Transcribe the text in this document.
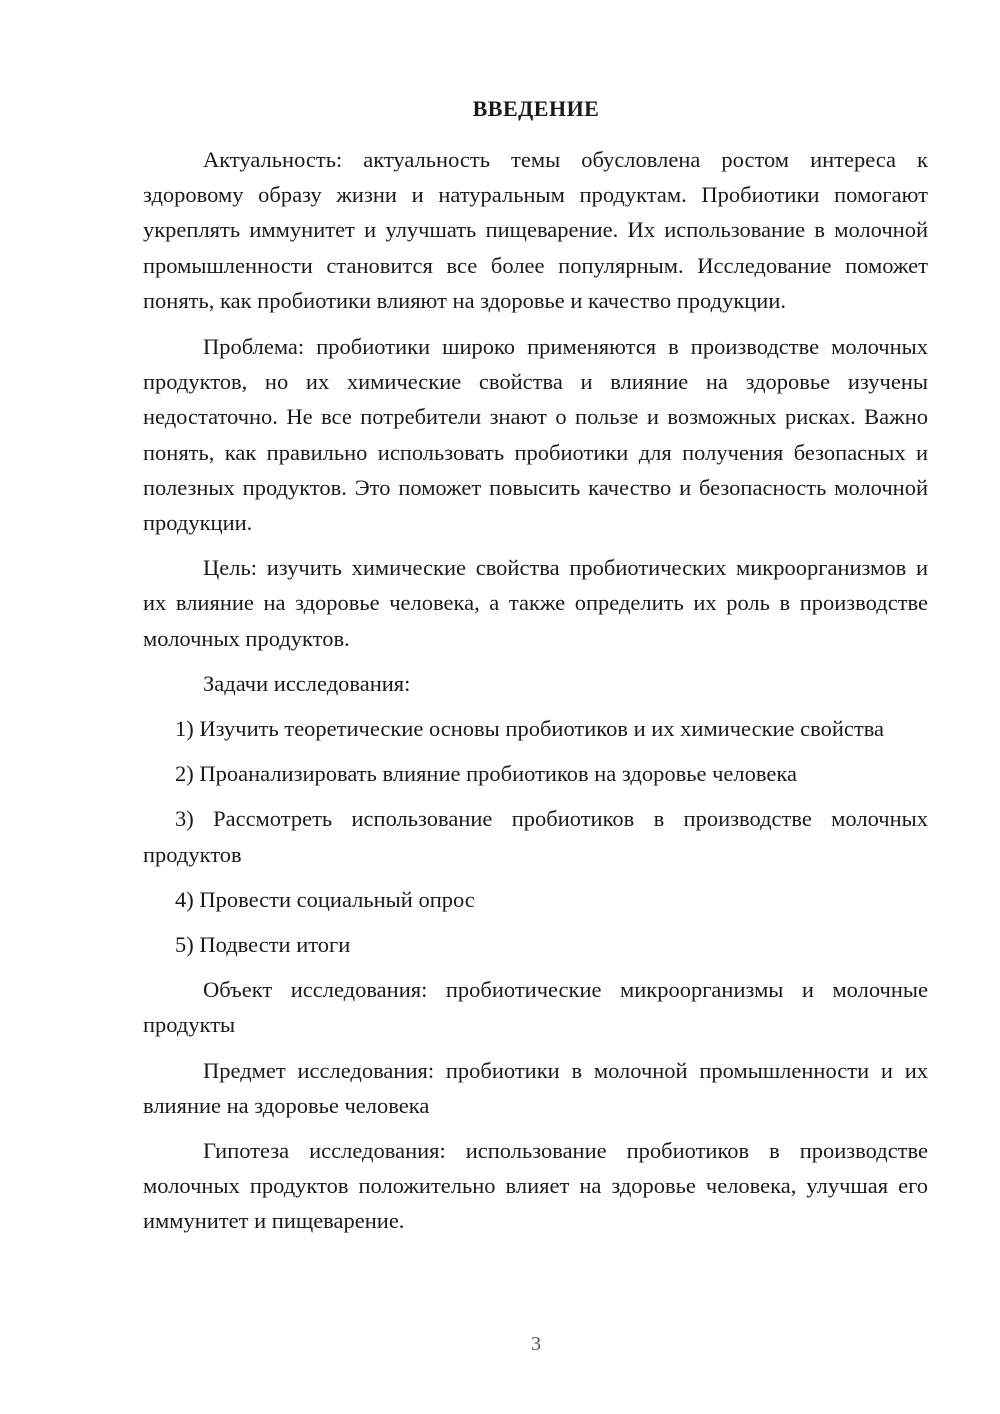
ВВЕДЕНИЕ

Актуальность: актуальность темы обусловлена ростом интереса к здоровому образу жизни и натуральным продуктам. Пробиотики помогают укреплять иммунитет и улучшать пищеварение. Их использование в молочной промышленности становится все более популярным. Исследование поможет понять, как пробиотики влияют на здоровье и качество продукции.

Проблема: пробиотики широко применяются в производстве молочных продуктов, но их химические свойства и влияние на здоровье изучены недостаточно. Не все потребители знают о пользе и возможных рисках. Важно понять, как правильно использовать пробиотики для получения безопасных и полезных продуктов. Это поможет повысить качество и безопасность молочной продукции.

Цель: изучить химические свойства пробиотических микроорганизмов и их влияние на здоровье человека, а также определить их роль в производстве молочных продуктов.

Задачи исследования:

1) Изучить теоретические основы пробиотиков и их химические свойства

2) Проанализировать влияние пробиотиков на здоровье человека

3) Рассмотреть использование пробиотиков в производстве молочных продуктов

4) Провести социальный опрос

5) Подвести итоги

Объект исследования: пробиотические микроорганизмы и молочные продукты

Предмет исследования: пробиотики в молочной промышленности и их влияние на здоровье человека

Гипотеза исследования: использование пробиотиков в производстве молочных продуктов положительно влияет на здоровье человека, улучшая его иммунитет и пищеварение.

3
